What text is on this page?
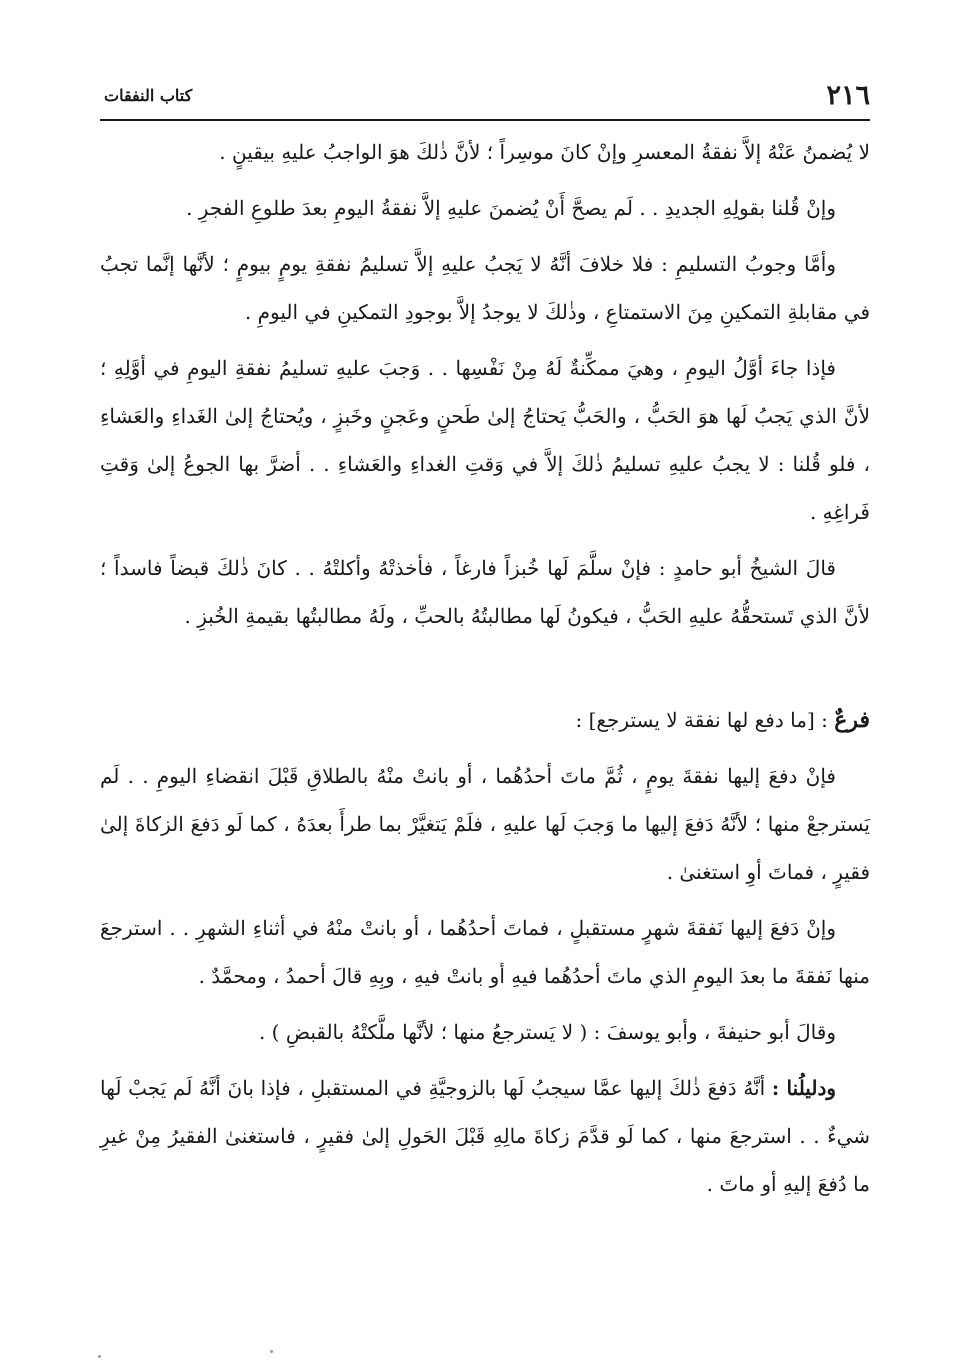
٢١٦
كتاب النفقات

لا يُضمنُ عَنْهُ إلاَّ نفقةُ المعسرِ وإنْ كانَ موسِراً ؛ لأنَّ ذٰلكَ هوَ الواجبُ عليهِ بيقينٍ .

وإنْ قُلنا بقولِهِ الجديدِ . . لَم يصحَّ أَنْ يُضمنَ عليهِ إلاَّ نفقةُ اليومِ بعدَ طلوعِ الفجرِ .

وأمَّا وجوبُ التسليمِ : فلا خلافَ أنَّهُ لا يَجبُ عليهِ إلاَّ تسليمُ نفقةِ يومٍ بيومٍ ؛ لأنَّها إنَّما تجبُ في مقابلةِ التمكينِ مِنَ الاستمتاعِ ، وذٰلكَ لا يوجدُ إلاَّ بوجودِ التمكينِ في اليومِ .

فإذا جاءَ أوَّلُ اليومِ ، وهيَ ممكِّنةٌ لَهُ مِنْ نَفْسِها . . وَجبَ عليهِ تسليمُ نفقةِ اليومِ في أوَّلِهِ ؛ لأنَّ الذي يَجبُ لَها هوَ الحَبُّ ، والحَبُّ يَحتاجُ إلىٰ طَحنٍ وعَجنٍ وخَبزٍ ، ويُحتاجُ إلىٰ الغَداءِ والعَشاءِ ، فلو قُلنا : لا يجبُ عليهِ تسليمُ ذٰلكَ إلاَّ في وَقتِ الغداءِ والعَشاءِ . . أضرَّ بها الجوعُ إلىٰ وَقتِ فَراغِهِ .

قالَ الشيخُ أبو حامدٍ : فإنْ سلَّمَ لَها خُبزاً فارغاً ، فأخذتْهُ وأكلتْهُ . . كانَ ذٰلكَ قبضاً فاسداً ؛ لأنَّ الذي تَستحقُّهُ عليهِ الحَبُّ ، فيكونُ لَها مطالبتُهُ بالحبِّ ، ولَهُ مطالبتُها بقيمةِ الخُبزِ .

فرعٌ : [ما دفع لها نفقة لا يسترجع] :

فإنْ دفعَ إليها نفقةَ يومٍ ، ثُمَّ ماتَ أحدُهُما ، أو بانتْ منْهُ بالطلاقِ قَبْلَ انقضاءِ اليومِ . . لَم يَسترجعْ منها ؛ لأنَّهُ دَفعَ إليها ما وَجبَ لَها عليهِ ، فلَمْ يَتغيَّرْ بما طرأَ بعدَهُ ، كما لَو دَفعَ الزكاةَ إلىٰ فقيرٍ ، فماتَ أوِ استغنىٰ .

وإنْ دَفعَ إليها نَفقةَ شهرٍ مستقبلٍ ، فماتَ أحدُهُما ، أو بانتْ منْهُ في أثناءِ الشهرِ . . استرجعَ منها نَفقةَ ما بعدَ اليومِ الذي ماتَ أحدُهُما فيهِ أو بانتْ فيهِ ، وبِهِ قالَ أحمدُ ، ومحمَّدٌ .

وقالَ أبو حنيفةَ ، وأبو يوسفَ : ( لا يَسترجعُ منها ؛ لأنَّها ملَّكتْهُ بالقبضِ ) .

ودليلُنا : أنَّهُ دَفعَ ذٰلكَ إليها عمَّا سيجبُ لَها بالزوجيَّةِ في المستقبلِ ، فإذا بانَ أنَّهُ لَم يَجبْ لَها شيءٌ . . استرجعَ منها ، كما لَو قدَّمَ زكاةَ مالِهِ قَبْلَ الحَولِ إلىٰ فقيرٍ ، فاستغنىٰ الفقيرُ مِنْ غيرِ ما دُفعَ إليهِ أو ماتَ .
